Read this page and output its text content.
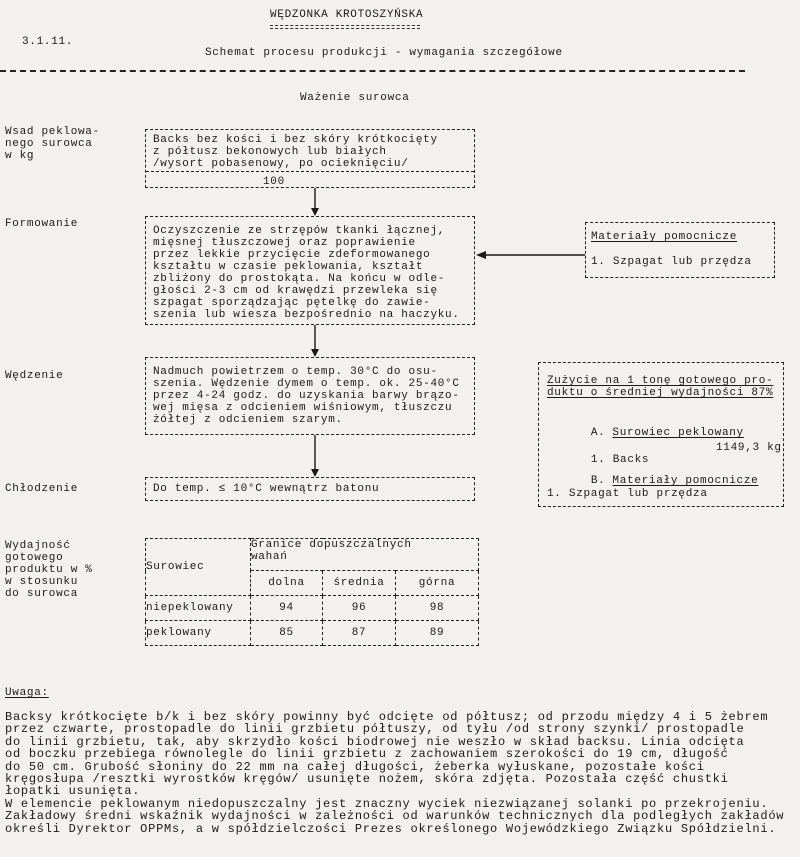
WĘDZONKA KROTOSZYŃSKA
3.1.11.
Schemat procesu produkcji - wymagania szczegółowe
Ważenie surowca
Wsad peklowa-
nego surowca
w kg
Backs bez kości i bez skóry krótkocięty
z półtusz bekonowych lub białych
/wysort pobasenowy, po ocieknięciu/
100
Formowanie
Oczyszczenie ze strzępów tkanki łącznej,
mięsnej tłuszczowej oraz poprawienie
przez lekkie przycięcie zdeformowanego
kształtu w czasie peklowania, kształt
zbliżony do prostokąta. Na końcu w odle-
głości 2-3 cm od krawędzi przewleka się
szpagat sporządzając pętelkę do zawie-
szenia lub wiesza bezpośrednio na haczyku.
Materiały pomocnicze
1. Szpagat lub przędza
Wędzenie	Nadmuch powietrzem o temp. 30°C do osu-
szenia. Wędzenie dymem o temp. ok. 25-40°C
przez 4-24 godz. do uzyskania barwy brązo-
wej mięsa z odcieniem wiśniowym, tłuszczu
żółtej z odcieniem szarym.
Zużycie na 1 tonę gotowego pro-
duktu o średniej wydajności 87%

A. Surowiec peklowany

1. Backs

1149,3 kg

B. Materiały pomocnicze

1. Szpagat lub przędza
Chłodzenie	Do temp. ≤ 10°C wewnątrz batonu
Wydajność
gotowego
produktu w %
w stosunku
do surowca
Surowiec	Granice dopuszczalnych
wahań		

	dolna	średnia	górna
niepeklowany	94	96	98
peklowany	85	87	89
Uwaga:
Backsy krótkocięte b/k i bez skóry powinny być odcięte od półtusz; od przodu między 4 i 5 żebrem
przez czwarte, prostopadle do linii grzbietu półtuszy, od tyłu /od strony szynki/ prostopadle
do linii grzbietu, tak, aby skrzydło kości biodrowej nie weszło w skład backsu. Linia odcięta
od boczku przebiega równolegle do linii grzbietu z zachowaniem szerokości do 19 cm, długość
do 50 cm. Grubość słoniny do 22 mm na całej długości, żeberka wyłuskane, pozostałe kości
kręgosłupa /resztki wyrostków kręgów/ usunięte nożem, skóra zdjęta. Pozostała część chustki
łopatki usunięta.
W elemencie peklowanym niedopuszczalny jest znaczny wyciek niezwiązanej solanki po przekrojeniu.
Zakładowy średni wskaźnik wydajności w zależności od warunków technicznych dla podległych zakładów
określi Dyrektor OPPMs, a w spółdzielczości Prezes określonego Wojewódzkiego Związku Spółdzielni.
